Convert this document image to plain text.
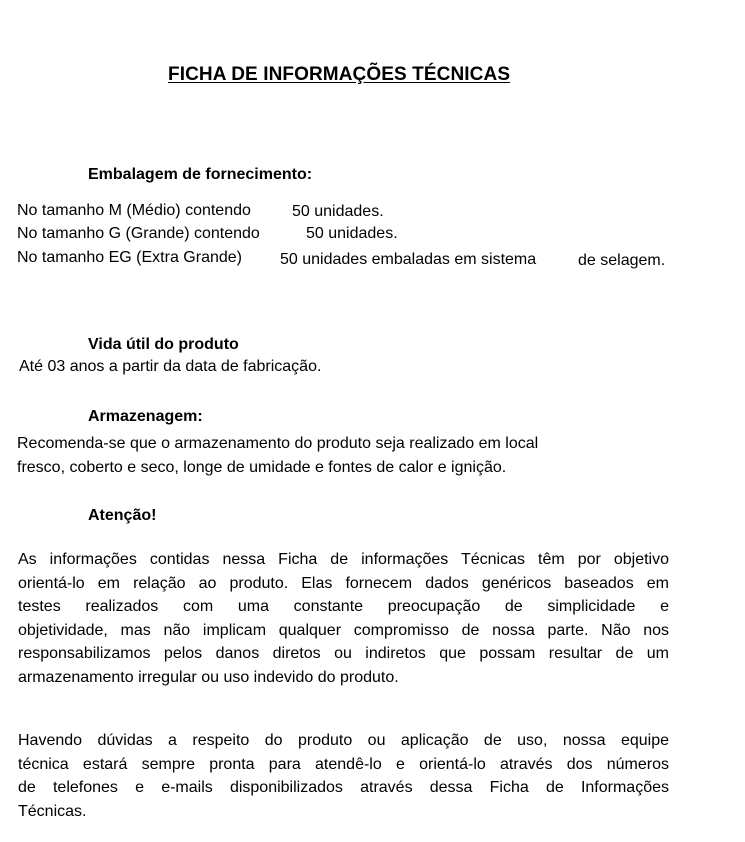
FICHA DE INFORMAÇÕES TÉCNICAS
Embalagem de fornecimento:
No tamanho M (Médio) contendo	50 unidades.
No tamanho G (Grande) contendo	50 unidades.
No tamanho EG (Extra Grande) 50 unidades embaladas em sistema	de selagem.
Vida útil do produto
Até 03 anos a partir da data de fabricação.
Armazenagem:
Recomenda-se que o armazenamento do produto seja realizado em local
fresco, coberto e seco, longe de umidade e fontes de calor e ignição.
Atenção!
As informações contidas nessa Ficha de informações Técnicas têm por objetivo
orientá-lo em relação ao produto. Elas fornecem dados genéricos baseados em
testes realizados com uma constante preocupação de simplicidade e
objetividade, mas não implicam qualquer compromisso de nossa parte. Não nos
responsabilizamos pelos danos diretos ou indiretos que possam resultar de um
armazenamento irregular ou uso indevido do produto.
Havendo dúvidas a respeito do produto ou aplicação de uso, nossa equipe
técnica estará sempre pronta para atendê-lo e orientá-lo através dos números
de telefones e e-mails disponibilizados através dessa Ficha de Informações
Técnicas.
